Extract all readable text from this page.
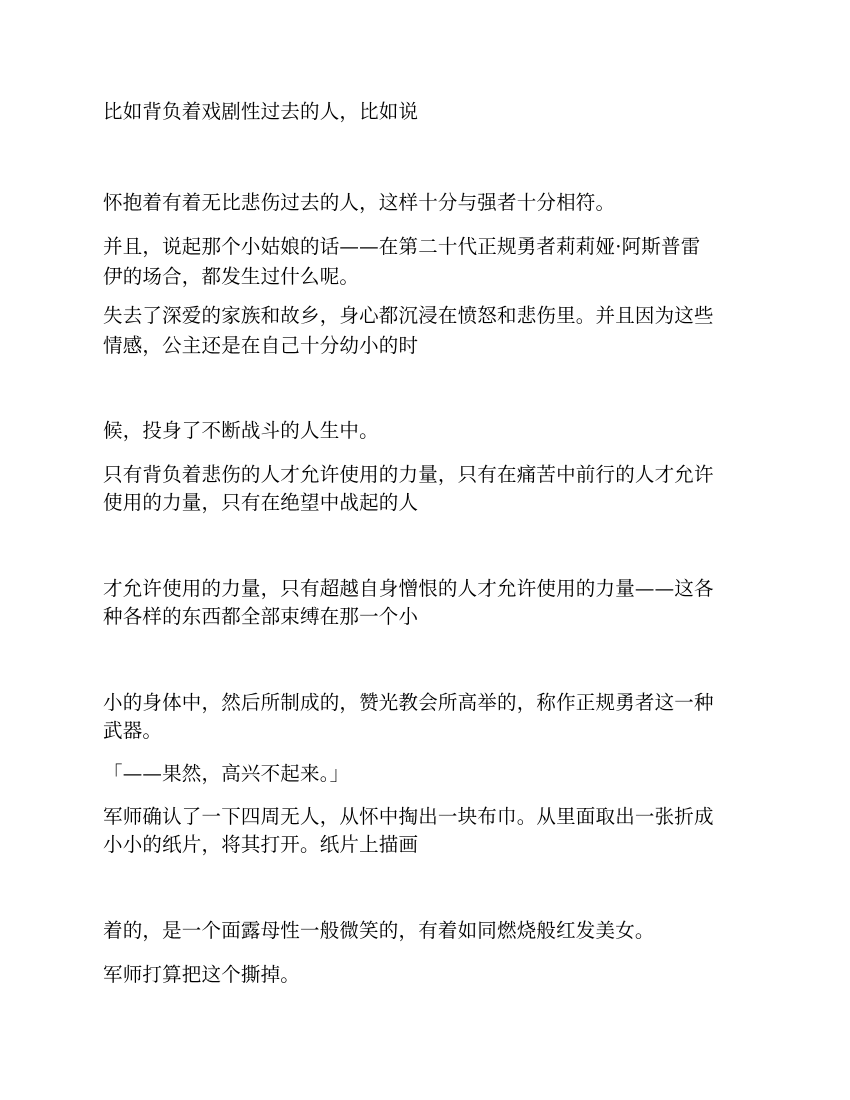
比如背负着戏剧性过去的人，比如说

怀抱着有着无比悲伤过去的人，这样十分与强者十分相符。

并且，说起那个小姑娘的话——在第二十代正规勇者莉莉娅·阿斯普雷

伊的场合，都发生过什么呢。

失去了深爱的家族和故乡，身心都沉浸在愤怒和悲伤里。并且因为这些

情感，公主还是在自己十分幼小的时

候，投身了不断战斗的人生中。

只有背负着悲伤的人才允许使用的力量，只有在痛苦中前行的人才允许

使用的力量，只有在绝望中战起的人

才允许使用的力量，只有超越自身憎恨的人才允许使用的力量——这各

种各样的东西都全部束缚在那一个小

小的身体中，然后所制成的，赞光教会所高举的，称作正规勇者这一种

武器。

「——果然，高兴不起来。」

军师确认了一下四周无人，从怀中掏出一块布巾。从里面取出一张折成

小小的纸片，将其打开。纸片上描画

着的，是一个面露母性一般微笑的，有着如同燃烧般红发美女。

军师打算把这个撕掉。
